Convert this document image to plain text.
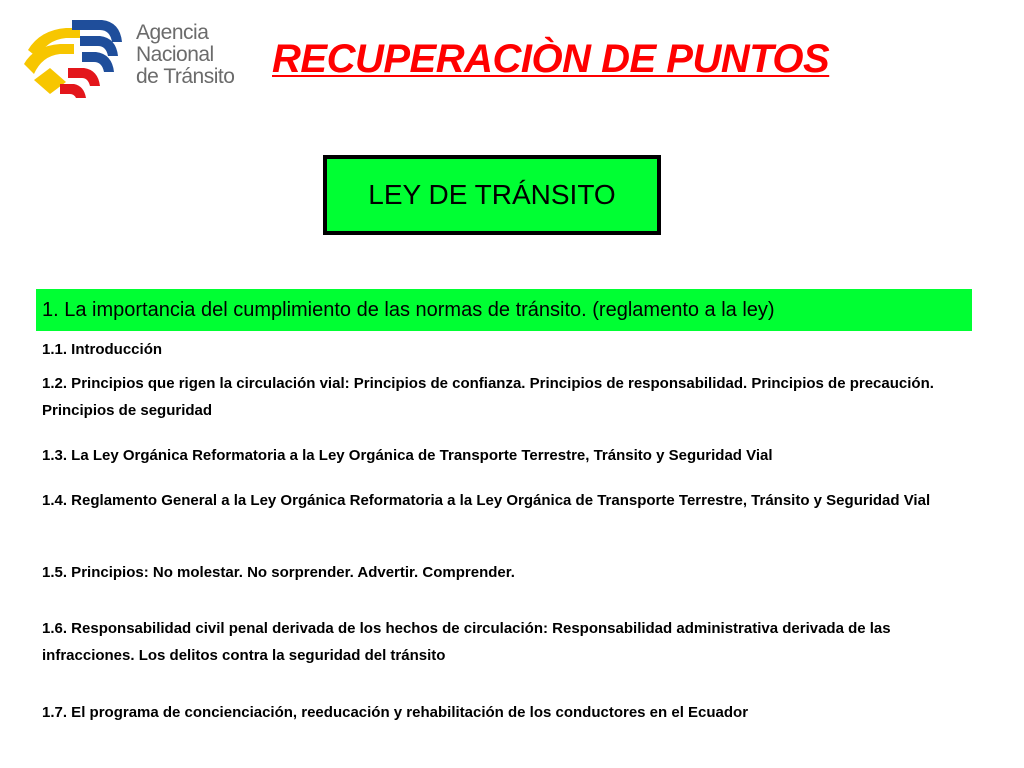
Agencia
Nacional
de Tránsito RECUPERACIÒN DE PUNTOS
LEY DE TRÁNSITO
1. La importancia del cumplimiento de las normas de tránsito. (reglamento a la ley)
1.1. Introducción
1.2. Principios que rigen la circulación vial: Principios de confianza. Principios de responsabilidad. Principios de precaución. Principios de seguridad
1.3. La Ley Orgánica Reformatoria a la Ley Orgánica de Transporte Terrestre, Tránsito y Seguridad Vial
1.4. Reglamento General a la Ley Orgánica Reformatoria a la Ley Orgánica de Transporte Terrestre, Tránsito y Seguridad Vial
1.5. Principios: No molestar. No sorprender. Advertir. Comprender.
1.6. Responsabilidad civil penal derivada de los hechos de circulación: Responsabilidad administrativa derivada de las infracciones. Los delitos contra la seguridad del tránsito
1.7. El programa de concienciación, reeducación y rehabilitación de los conductores en el Ecuador
